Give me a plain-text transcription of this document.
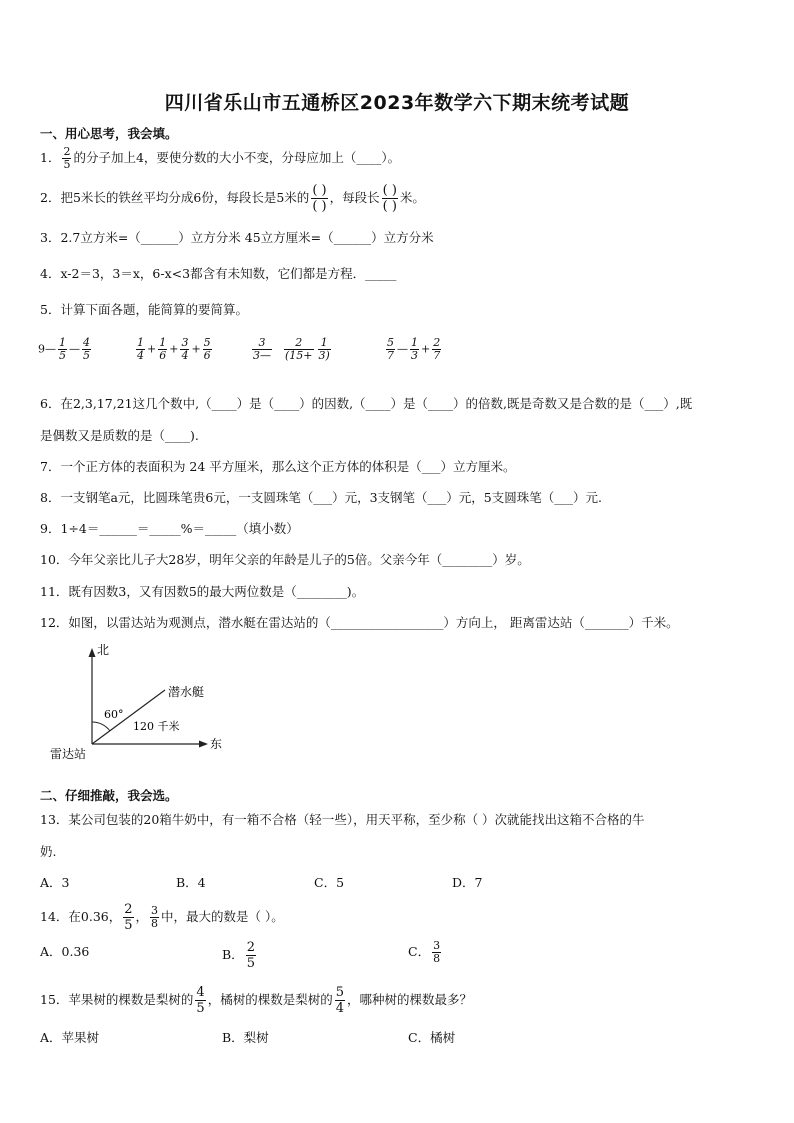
四川省乐山市五通桥区2023年数学六下期末统考试题
一、用心思考，我会填。
1． $\frac{2}{5}$ 的分子加上4，要使分数的大小不变，分母应加上（____）。
2．把5米长的铁丝平均分成6份，每段长是5米的 $\frac{( )}{( )}$ ，每段长 $\frac{( )}{( )}$ 米。
3．2.7立方米=（______）立方分米 45立方厘米=（______）立方分米
4．x-2＝3，3＝x，6-x<3都含有未知数，它们都是方程．_____
5．计算下面各题，能简算的要简算。
9— $\frac{1}{5}$ — $\frac{4}{5}$	$\frac{1}{4} + \frac{1}{6} + \frac{3}{4} + \frac{5}{6}$	$\frac{3}{3—} \frac{2}{(15+} \frac{1}{3)}$	$\frac{5}{7}$ — $\frac{1}{3} + \frac{2}{7}$
6．在2,3,17,21这几个数中,（____）是（____）的因数,（____）是（____）的倍数,既是奇数又是合数的是（___）,既
是偶数又是质数的是（____).
7．一个正方体的表面积为 24 平方厘米，那么这个正方体的体积是（___）立方厘米。
8．一支钢笔a元，比圆珠笔贵6元，一支圆珠笔（___）元，3支钢笔（___）元，5支圆珠笔（___）元.
9．1÷4＝______＝_____%＝_____（填小数）
10．今年父亲比儿子大28岁，明年父亲的年龄是儿子的5倍。父亲今年（________）岁。
11．既有因数3，又有因数5的最大两位数是（________)。
12．如图，以雷达站为观测点，潜水艇在雷达站的（__________________）方向上， 距离雷达站（_______）千米。
北
东
雷达站
潜水艇
60°
120 千米
二、仔细推敲，我会选。
13．某公司包装的20箱牛奶中，有一箱不合格（轻一些），用天平称，至少称（ ）次就能找出这箱不合格的牛
奶.
A．3	B．4	C．5	D．7
14．在0.36， $\frac{2}{5}$ ， $\frac{3}{8}$ 中，最大的数是（ ）。
A．0.36	B． $\frac{2}{5}$	C． $\frac{3}{8}$
15．苹果树的棵数是梨树的 $\frac{4}{5}$ ，橘树的棵数是梨树的 $\frac{5}{4}$ ，哪种树的棵数最多？
A．苹果树	B．梨树	C．橘树
